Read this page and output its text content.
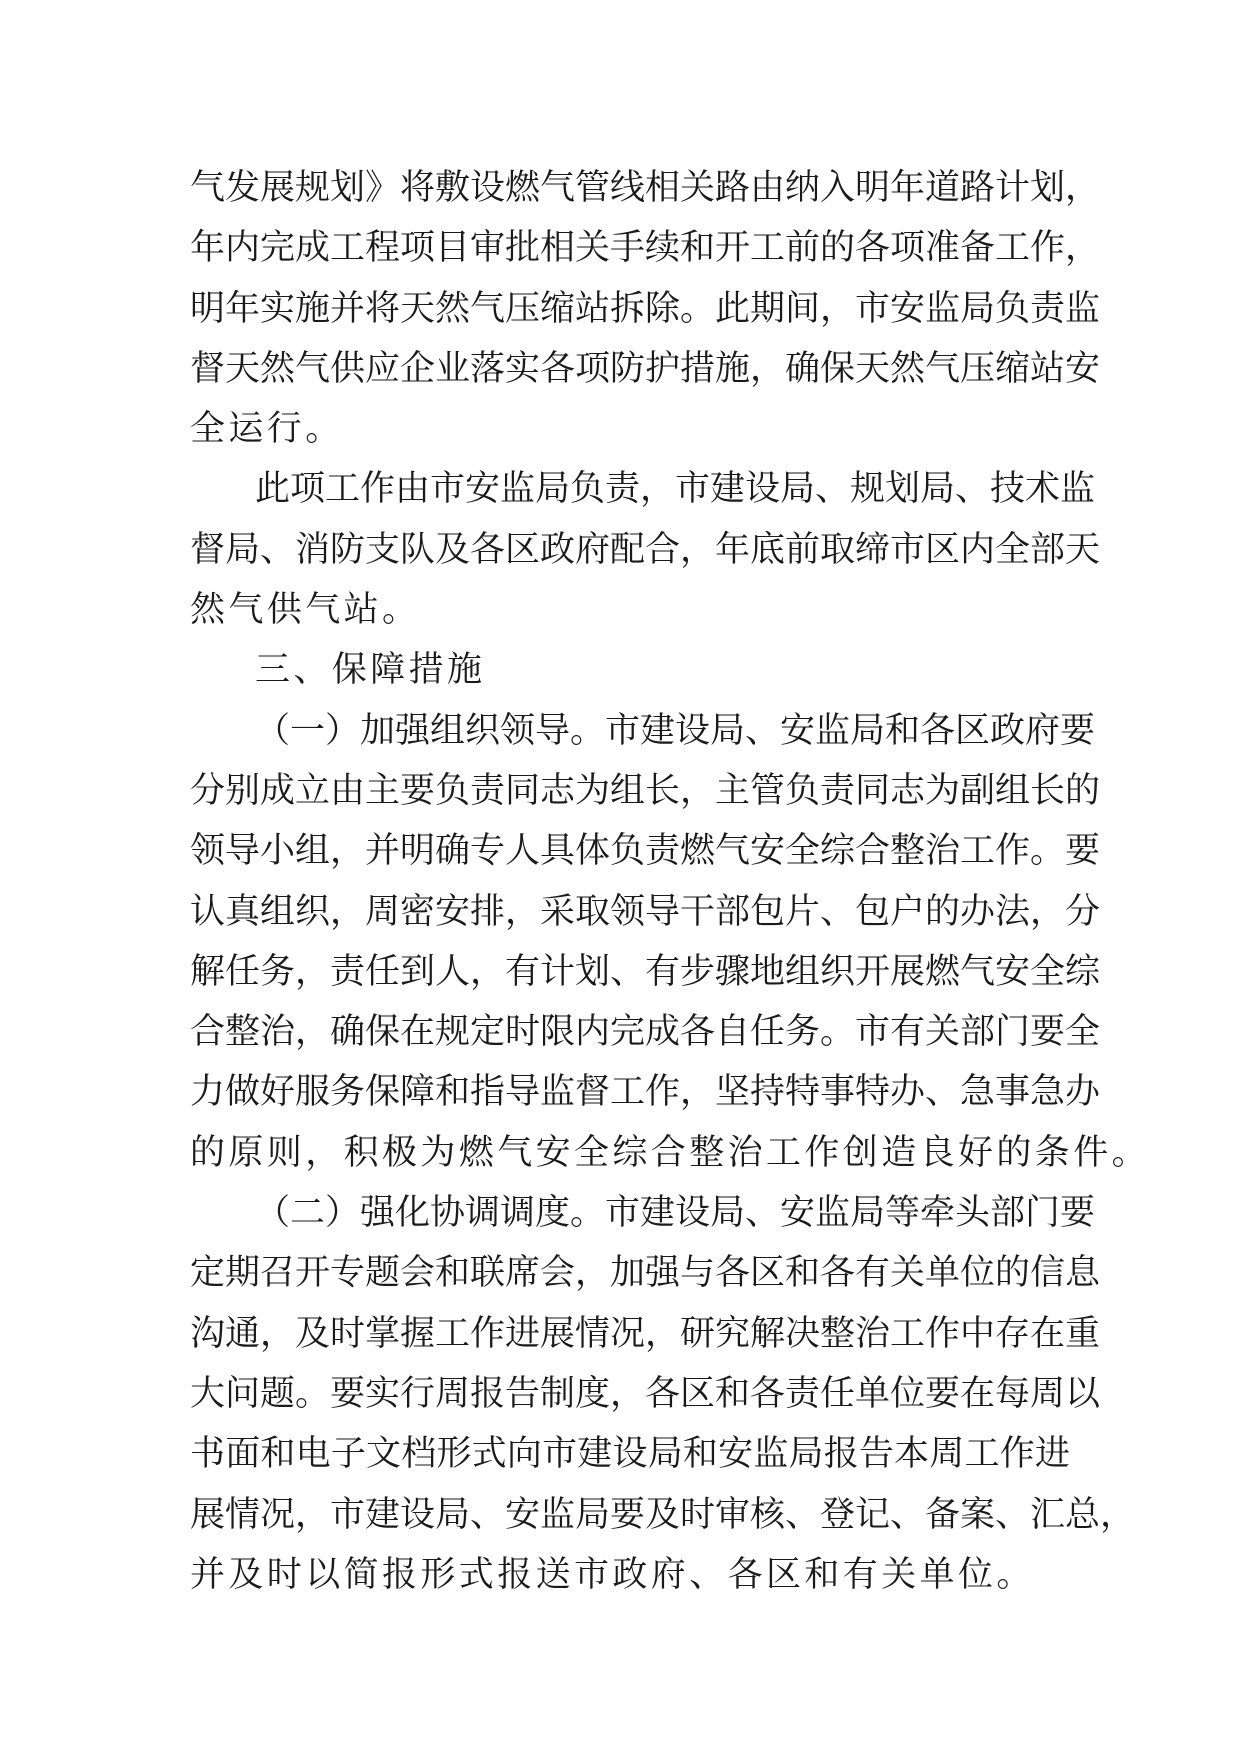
气发展规划》将敷设燃气管线相关路由纳入明年道路计划，
年内完成工程项目审批相关手续和开工前的各项准备工作，
明年实施并将天然气压缩站拆除。此期间，市安监局负责监
督天然气供应企业落实各项防护措施，确保天然气压缩站安
全运行。
此项工作由市安监局负责，市建设局、规划局、技术监
督局、消防支队及各区政府配合，年底前取缔市区内全部天
然气供气站。
三、保障措施
（一）加强组织领导。市建设局、安监局和各区政府要
分别成立由主要负责同志为组长，主管负责同志为副组长的
领导小组，并明确专人具体负责燃气安全综合整治工作。要
认真组织，周密安排，采取领导干部包片、包户的办法，分
解任务，责任到人，有计划、有步骤地组织开展燃气安全综
合整治，确保在规定时限内完成各自任务。市有关部门要全
力做好服务保障和指导监督工作，坚持特事特办、急事急办
的原则，积极为燃气安全综合整治工作创造良好的条件。
（二）强化协调调度。市建设局、安监局等牵头部门要
定期召开专题会和联席会，加强与各区和各有关单位的信息
沟通，及时掌握工作进展情况，研究解决整治工作中存在重
大问题。要实行周报告制度，各区和各责任单位要在每周以
书面和电子文档形式向市建设局和安监局报告本周工作进
展情况，市建设局、安监局要及时审核、登记、备案、汇总，
并及时以简报形式报送市政府、各区和有关单位。
